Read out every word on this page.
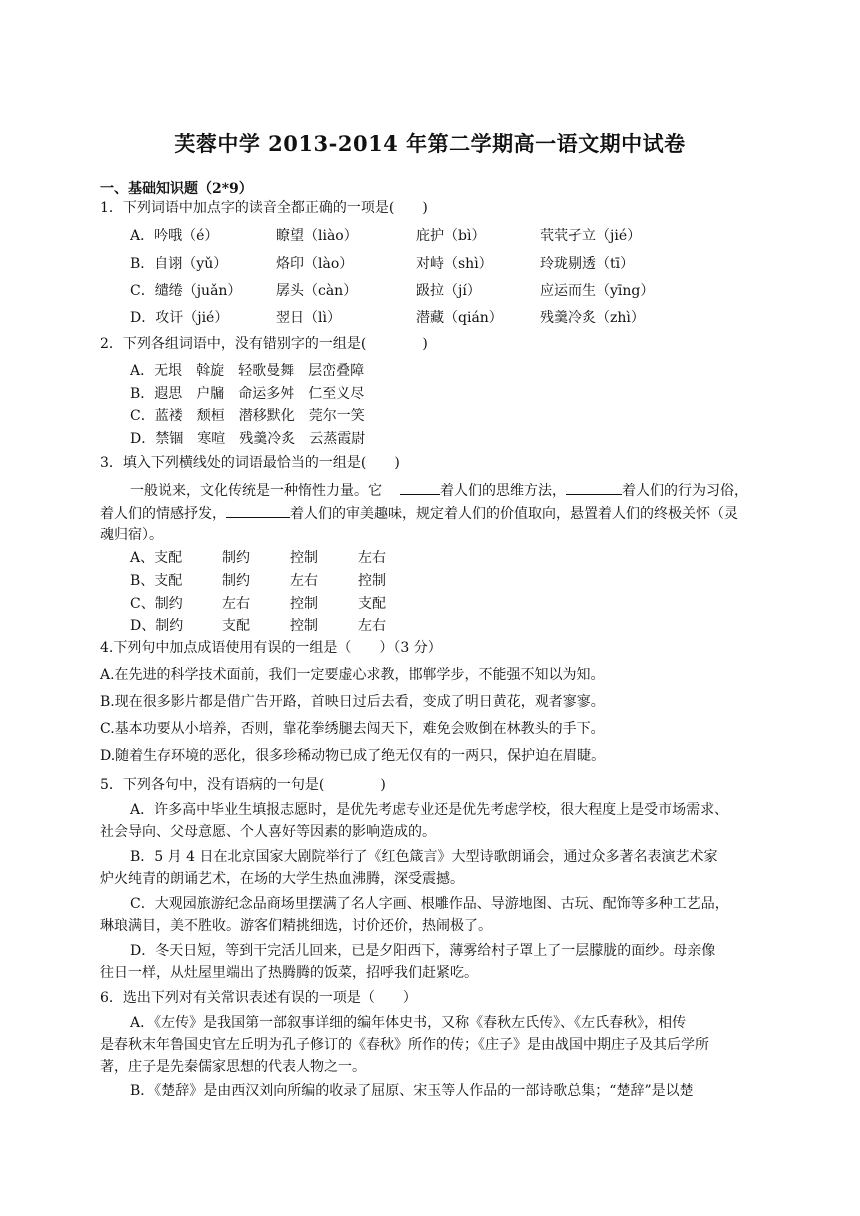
芙蓉中学 2013-2014 年第二学期高一语文期中试卷
一、基础知识题（2*9）
1．下列词语中加点字的读音全都正确的一项是(　　)
A．吟哦（é）	瞭望（liào）	庇护（bì）	茕茕孑立（jié）
B．自诩（yǔ）	烙印（lào）	对峙（shì）	玲珑剔透（tī）
C．缱绻（juǎn） 孱头（càn）	趿拉（jí）	应运而生（yīng）
D．攻讦（jié）	翌日（lì）	潜藏（qián）	残羹冷炙（zhì）
2．下列各组词语中，没有错别字的一组是(　　　　)
A．无垠　斡旋　轻歌曼舞　层峦叠障
B．遐思　户牖　命运多舛　仁至义尽
C．蓝褛　颓桓　潜移默化　莞尔一笑
D．禁锢　寒喧　残羹冷炙　云蒸霞尉
3．填入下列横线处的词语最恰当的一组是(　　)
一般说来，文化传统是一种惰性力量。它	着人们的思维方法，	着人们的行为习俗，
着人们的情感抒发，	着人们的审美趣味，规定着人们的价值取向，悬置着人们的终极关怀（灵
魂归宿）。
A、支配	制约	控制	左右
B、支配	制约	左右	控制
C、制约	左右	控制	支配
D、制约	支配	控制	左右
4.下列句中加点成语使用有误的一组是（　　）（3 分）
A.在先进的科学技术面前，我们一定要虚心求教，邯郸学步，不能强不知以为知。
B.现在很多影片都是借广告开路，首映日过后去看，变成了明日黄花，观者寥寥。
C.基本功要从小培养，否则，靠花拳绣腿去闯天下，难免会败倒在林教头的手下。
D.随着生存环境的恶化，很多珍稀动物已成了绝无仅有的一两只，保护迫在眉睫。
5．下列各句中，没有语病的一句是(　　　　)
A．许多高中毕业生填报志愿时，是优先考虑专业还是优先考虑学校，很大程度上是受市场需求、
社会导向、父母意愿、个人喜好等因素的影响造成的。
B．5 月 4 日在北京国家大剧院举行了《红色箴言》大型诗歌朗诵会，通过众多著名表演艺术家
炉火纯青的朗诵艺术，在场的大学生热血沸腾，深受震撼。
C．大观园旅游纪念品商场里摆满了名人字画、根雕作品、导游地图、古玩、配饰等多种工艺品，
琳琅满目，美不胜收。游客们精挑细选，讨价还价，热闹极了。
D．冬天日短，等到干完活儿回来，已是夕阳西下，薄雾给村子罩上了一层朦胧的面纱。母亲像
往日一样，从灶屋里端出了热腾腾的饭菜，招呼我们赶紧吃。
6．选出下列对有关常识表述有误的一项是（　　）
A．《左传》是我国第一部叙事详细的编年体史书，又称《春秋左氏传》、《左氏春秋》，相传
是春秋末年鲁国史官左丘明为孔子修订的《春秋》所作的传；《庄子》是由战国中期庄子及其后学所
著，庄子是先秦儒家思想的代表人物之一。
B．《楚辞》是由西汉刘向所编的收录了屈原、宋玉等人作品的一部诗歌总集；“楚辞”是以楚
